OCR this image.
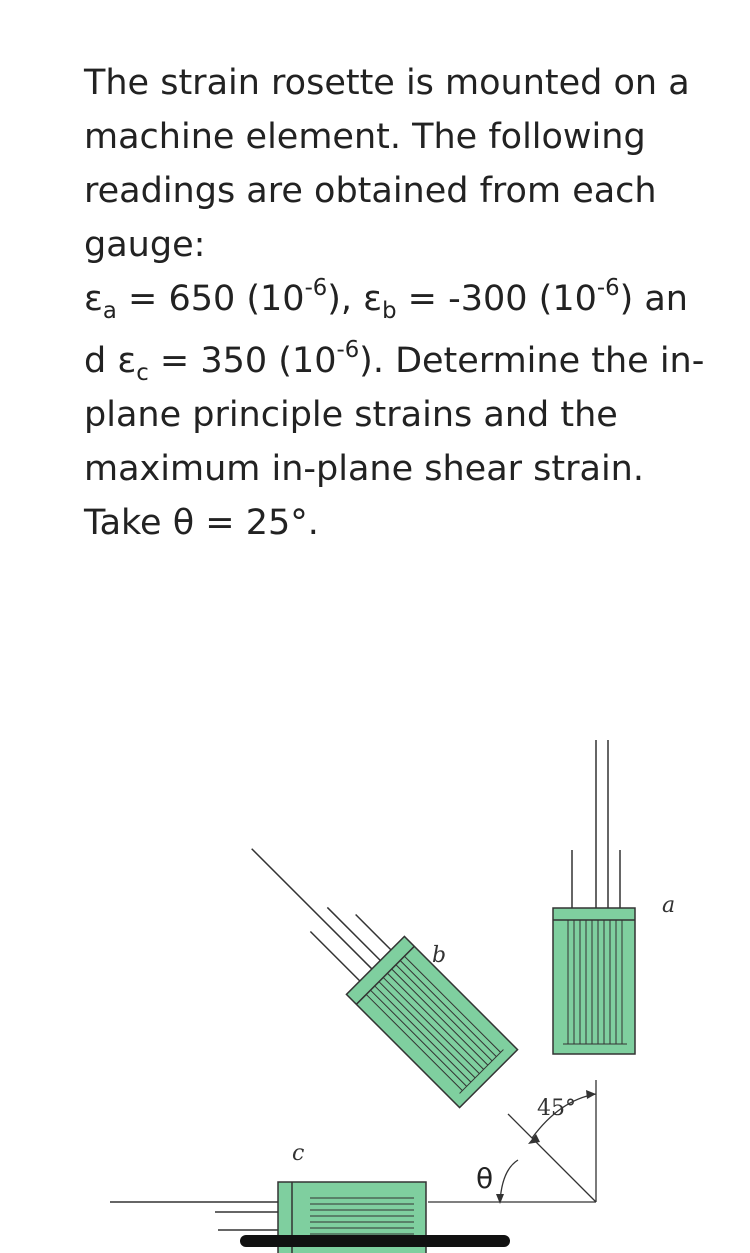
The strain rosette is mounted on a machine element. The following readings are obtained from each gauge:

$\varepsilon_a = 650$ $(10^{-6})$, $\varepsilon_b = -300$ $(10^{-6})$ an
d $\varepsilon_c = 350$ $(10^{-6})$. Determine the in-

plane principle strains and the maximum in-plane shear strain. Take θ = 25°.

a
b
c
45°
θ
